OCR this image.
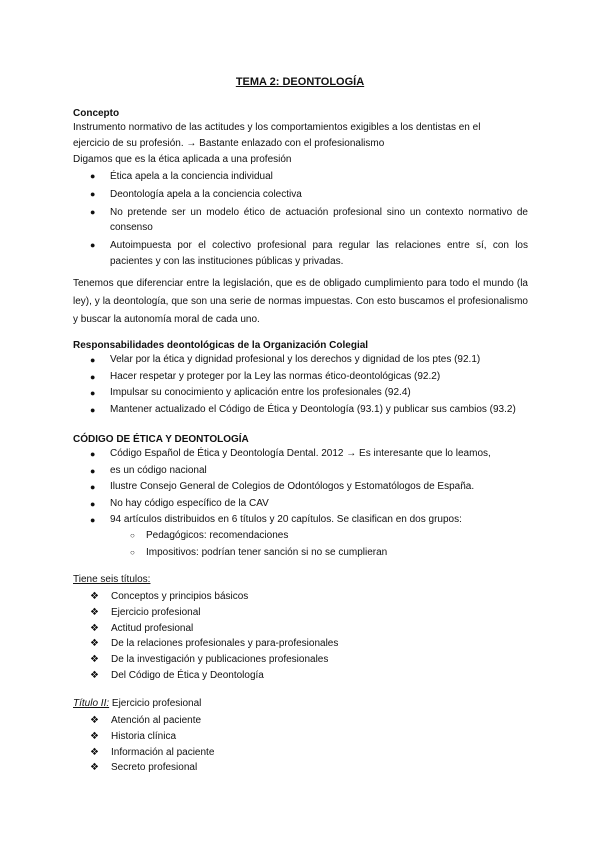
TEMA 2: DEONTOLOGÍA
Concepto
Instrumento normativo de las actitudes y los comportamientos exigibles a los dentistas en el
ejercicio de su profesión. → Bastante enlazado con el profesionalismo
Digamos que es la ética aplicada a una profesión
● Ética apela a la conciencia individual
● Deontología apela a la conciencia colectiva
● No pretende ser un modelo ético de actuación profesional sino un contexto normativo de consenso
● Autoimpuesta por el colectivo profesional para regular las relaciones entre sí, con los pacientes y con las instituciones públicas y privadas.
Tenemos que diferenciar entre la legislación, que es de obligado cumplimiento para todo el mundo (la ley), y la deontología, que son una serie de normas impuestas. Con esto buscamos el profesionalismo y buscar la autonomía moral de cada uno.
Responsabilidades deontológicas de la Organización Colegial
● Velar por la ética y dignidad profesional y los derechos y dignidad de los ptes (92.1)
● Hacer respetar y proteger por la Ley las normas ético-deontológicas (92.2)
● Impulsar su conocimiento y aplicación entre los profesionales (92.4)
● Mantener actualizado el Código de Ética y Deontología (93.1) y publicar sus cambios (93.2)
CÓDIGO DE ÉTICA Y DEONTOLOGÍA
● Código Español de Ética y Deontología Dental. 2012 → Es interesante que lo leamos,
● es un código nacional
● Ilustre Consejo General de Colegios de Odontólogos y Estomatólogos de España.
● No hay código específico de la CAV
● 94 artículos distribuidos en 6 títulos y 20 capítulos. Se clasifican en dos grupos:
○ Pedagógicos: recomendaciones
○ Impositivos: podrían tener sanción si no se cumplieran
Tiene seis títulos:
❖ Conceptos y principios básicos
❖ Ejercicio profesional
❖ Actitud profesional
❖ De la relaciones profesionales y para-profesionales
❖ De la investigación y publicaciones profesionales
❖ Del Código de Ética y Deontología
Título II: Ejercicio profesional
❖ Atención al paciente
❖ Historia clínica
❖ Información al paciente
❖ Secreto profesional
